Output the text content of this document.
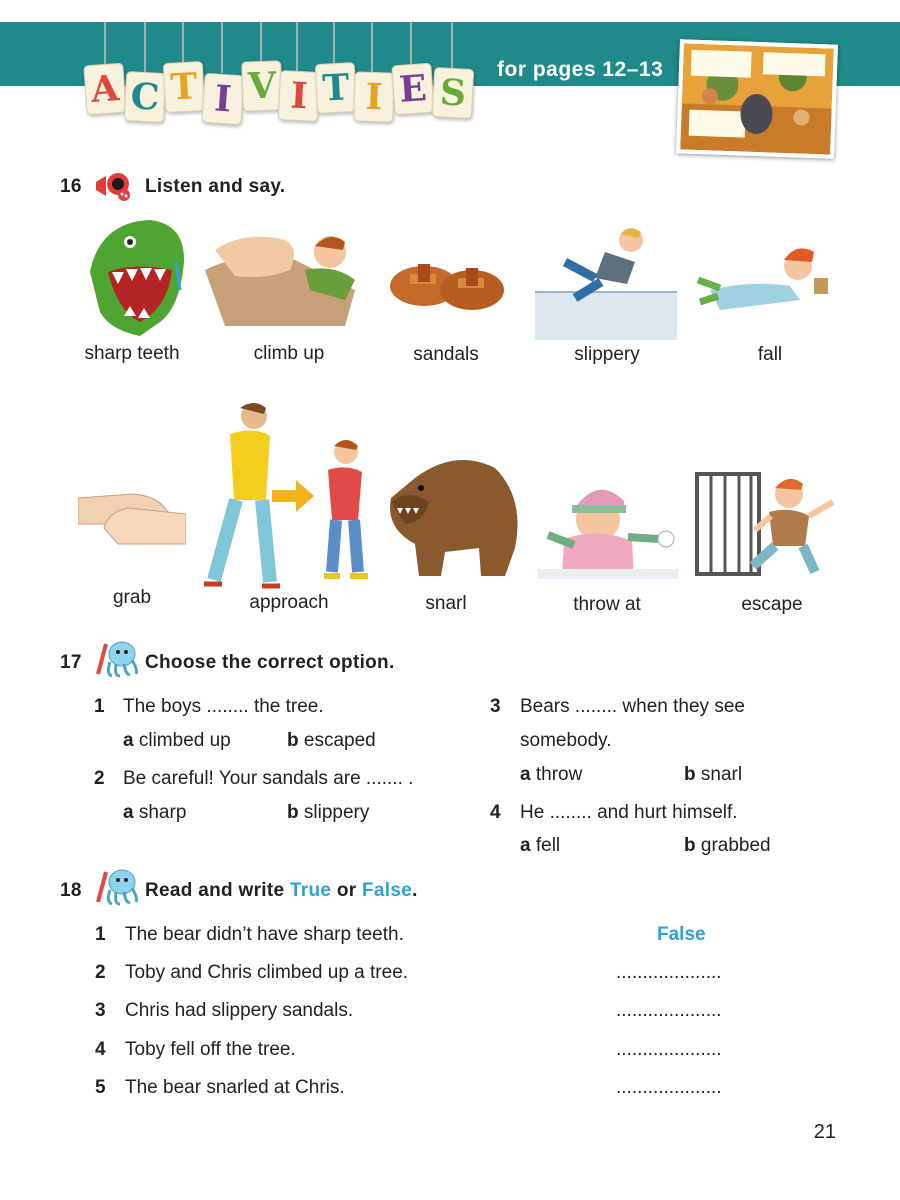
A C T I V I T I E S
for pages 12–13
16	Listen and say.
sharp teeth	climb up	sandals	slippery	fall
grab	approach	snarl	throw at	escape
17	Choose the correct option.
1 The boys ........ the tree.
a climbed up	b escaped
2 Be careful! Your sandals are ....... .
a sharp	b slippery
3 Bears ........ when they see
somebody.
a throw	b snarl
4 He ........ and hurt himself.
a fell	b grabbed
18	Read and write True or False.
1 The bear didn’t have sharp teeth.	False
2 Toby and Chris climbed up a tree.	....................
3 Chris had slippery sandals.	....................
4 Toby fell off the tree.	....................
5 The bear snarled at Chris.	....................
21
